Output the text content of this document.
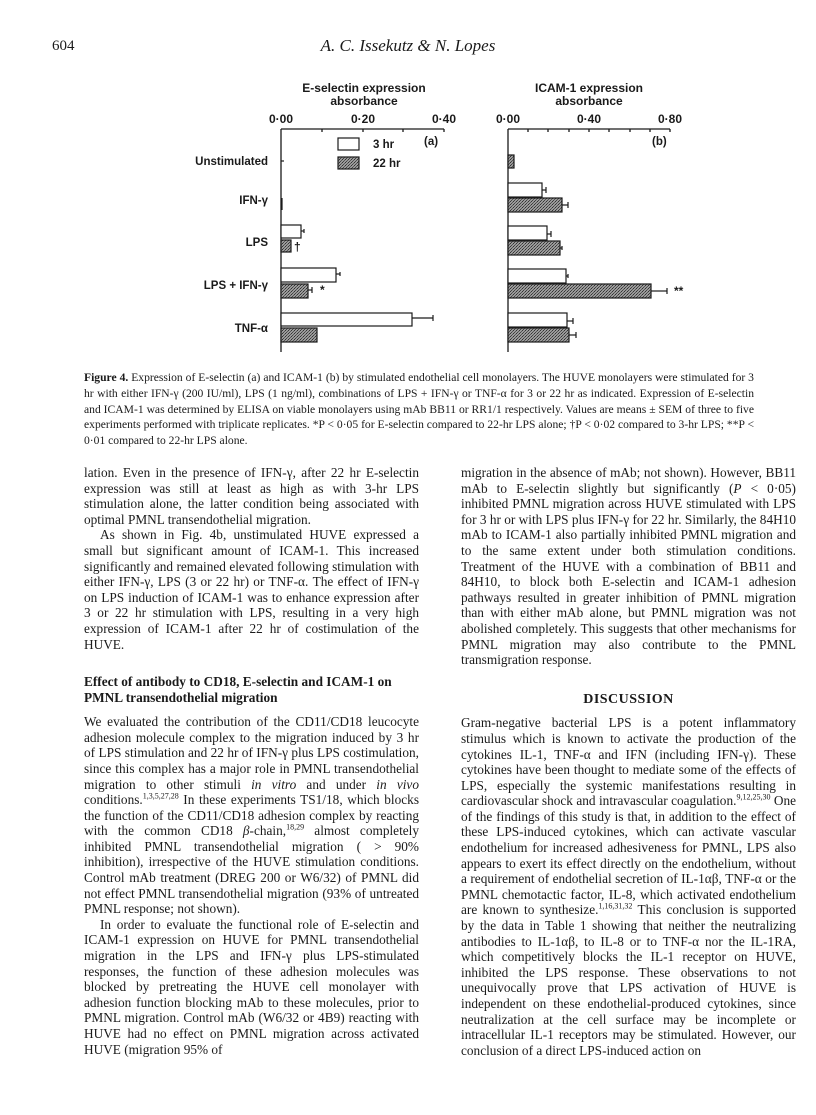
604	A. C. Issekutz & N. Lopes
E-selectin expression
absorbance
0·00	0·20	0·40
ICAM-1 expression
absorbance
0·00	0·40	0·80
Unstimulated
IFN-γ
LPS
LPS + IFN-γ
TNF-α
(a)
3 hr
22 hr
†
*
(b)
**
Figure 4. Expression of E-selectin (a) and ICAM-1 (b) by stimulated endothelial cell monolayers. The HUVE monolayers were stimulated for 3 hr with either IFN-γ (200 IU/ml), LPS (1 ng/ml), combinations of LPS + IFN-γ or TNF-α for 3 or 22 hr as indicated. Expression of E-selectin and ICAM-1 was determined by ELISA on viable monolayers using mAb BB11 or RR1/1 respectively. Values are means ± SEM of three to five experiments performed with triplicate replicates. *P < 0·05 for E-selectin compared to 22-hr LPS alone; †P < 0·02 compared to 3-hr LPS; **P < 0·01 compared to 22-hr LPS alone.

lation. Even in the presence of IFN-γ, after 22 hr E-selectin expression was still at least as high as with 3-hr LPS stimulation alone, the latter condition being associated with optimal PMNL transendothelial migration.

As shown in Fig. 4b, unstimulated HUVE expressed a small but significant amount of ICAM-1. This increased significantly and remained elevated following stimulation with either IFN-γ, LPS (3 or 22 hr) or TNF-α. The effect of IFN-γ on LPS induction of ICAM-1 was to enhance expression after 3 or 22 hr stimulation with LPS, resulting in a very high expression of ICAM-1 after 22 hr of costimulation of the HUVE.

Effect of antibody to CD18, E-selectin and ICAM-1 on PMNL transendothelial migration

We evaluated the contribution of the CD11/CD18 leucocyte adhesion molecule complex to the migration induced by 3 hr of LPS stimulation and 22 hr of IFN-γ plus LPS costimulation, since this complex has a major role in PMNL transendothelial migration to other stimuli in vitro and under in vivo conditions.$^{1,3,5,27,28}$ In these experiments TS1/18, which blocks the function of the CD11/CD18 adhesion complex by reacting with the common CD18 β-chain,$^{18,29}$ almost completely inhibited PMNL transendothelial migration ( > 90% inhibition), irrespective of the HUVE stimulation conditions. Control mAb treatment (DREG 200 or W6/32) of PMNL did not effect PMNL transendothelial migration (93% of untreated PMNL response; not shown).

In order to evaluate the functional role of E-selectin and ICAM-1 expression on HUVE for PMNL transendothelial migration in the LPS and IFN-γ plus LPS-stimulated responses, the function of these adhesion molecules was blocked by pretreating the HUVE cell monolayer with adhesion function blocking mAb to these molecules, prior to PMNL migration. Control mAb (W6/32 or 4B9) reacting with HUVE had no effect on PMNL migration across activated HUVE (migration 95% of

migration in the absence of mAb; not shown). However, BB11 mAb to E-selectin slightly but significantly (P < 0·05) inhibited PMNL migration across HUVE stimulated with LPS for 3 hr or with LPS plus IFN-γ for 22 hr. Similarly, the 84H10 mAb to ICAM-1 also partially inhibited PMNL migration and to the same extent under both stimulation conditions. Treatment of the HUVE with a combination of BB11 and 84H10, to block both E-selectin and ICAM-1 adhesion pathways resulted in greater inhibition of PMNL migration than with either mAb alone, but PMNL migration was not abolished completely. This suggests that other mechanisms for PMNL migration may also contribute to the PMNL transmigration response.

DISCUSSION

Gram-negative bacterial LPS is a potent inflammatory stimulus which is known to activate the production of the cytokines IL-1, TNF-α and IFN (including IFN-γ). These cytokines have been thought to mediate some of the effects of LPS, especially the systemic manifestations resulting in cardiovascular shock and intravascular coagulation.$^{9,12,25,30}$ One of the findings of this study is that, in addition to the effect of these LPS-induced cytokines, which can activate vascular endothelium for increased adhesiveness for PMNL, LPS also appears to exert its effect directly on the endothelium, without a requirement of endothelial secretion of IL-1αβ, TNF-α or the PMNL chemotactic factor, IL-8, which activated endothelium are known to synthesize.$^{1,16,31,32}$ This conclusion is supported by the data in Table 1 showing that neither the neutralizing antibodies to IL-1αβ, to IL-8 or to TNF-α nor the IL-1RA, which competitively blocks the IL-1 receptor on HUVE, inhibited the LPS response. These observations to not unequivocally prove that LPS activation of HUVE is independent on these endothelial-produced cytokines, since neutralization at the cell surface may be incomplete or intracellular IL-1 receptors may be stimulated. However, our conclusion of a direct LPS-induced action on
